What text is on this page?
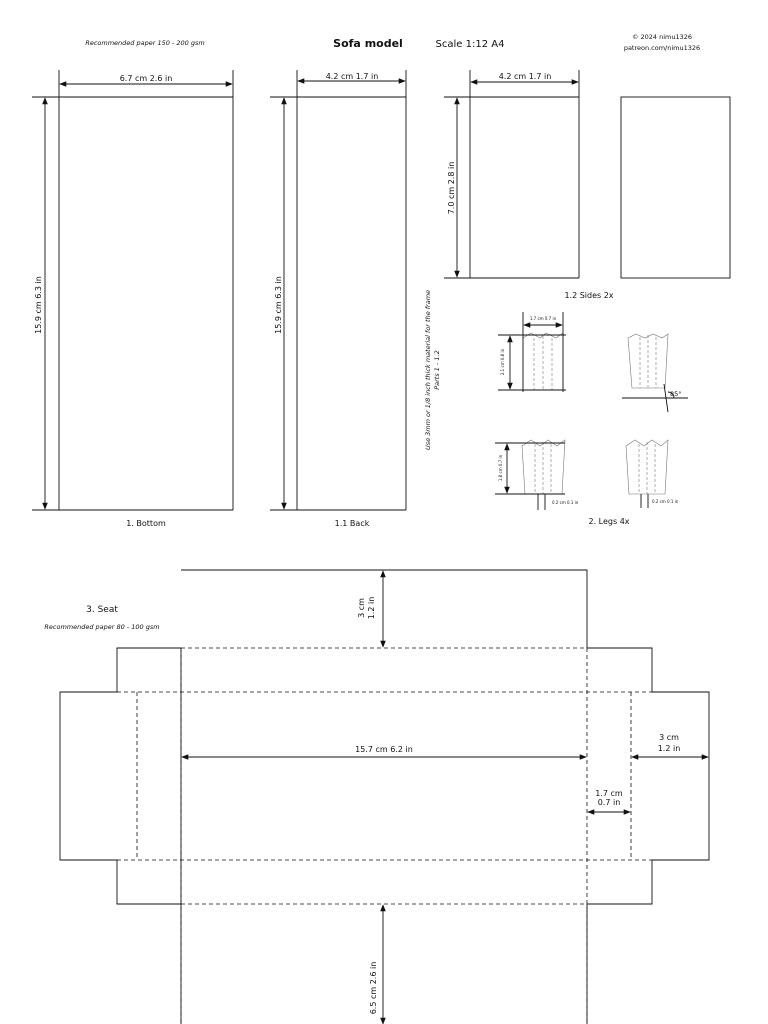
Recommended paper 150 - 200 gsm	Sofa model	Scale 1:12 A4
© 2024 nimu1326
patreon.com/nimu1326
6.7 cm 2.6 in
15.9 cm 6.3 in
1. Bottom
4.2 cm 1.7 in
15.9 cm 6.3 in
1.1 Back
Use 3mm or 1/8 inch thick material for the frame Parts 1 - 1.2
4.2 cm 1.7 in
7.0 cm 2.8 in
1.2 Sides 2x
1.7 cm 0.7 in
2.1 cm 0.8 in
85°
1.8 cm 0.7 in
0.2 cm 0.1 in	0.2 cm 0.1 in
2. Legs 4x
3. Seat
Recommended paper 80 - 100 gsm
3 cm 1.2 in
15.7 cm 6.2 in
3 cm
1.2 in
1.7 cm
0.7 in
6.5 cm 2.6 in
